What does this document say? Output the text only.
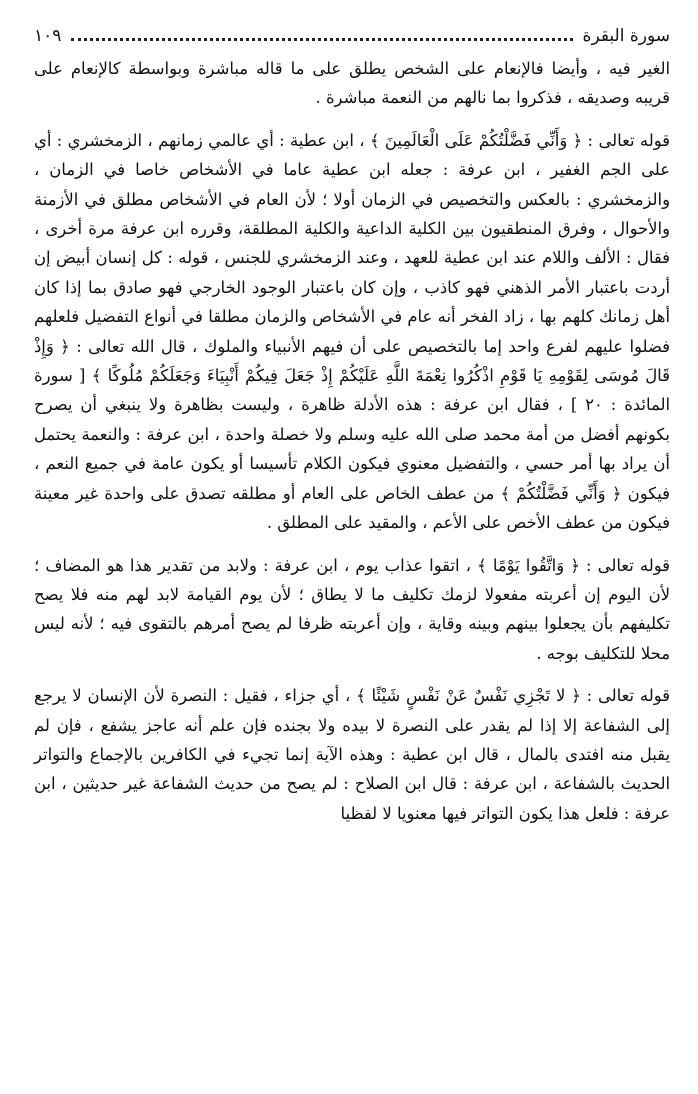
سورة البقرة
١٠٩

الغير فيه ، وأيضا فالإنعام على الشخص يطلق على ما قاله مباشرة وبواسطة كالإنعام على قريبه وصديقه ، فذكروا بما نالهم من النعمة مباشرة .

قوله تعالى : ﴿ وَأَنِّي فَضَّلْتُكُمْ عَلَى الْعَالَمِينَ ﴾ ، ابن عطية : أي عالمي زمانهم ، الزمخشري : أي على الجم الغفير ، ابن عرفة : جعله ابن عطية عاما في الأشخاص خاصا في الزمان ، والزمخشري : بالعكس والتخصيص في الزمان أولا ؛ لأن العام في الأشخاص مطلق في الأزمنة والأحوال ، وفرق المنطقيون بين الكلية الداعية والكلية المطلقة، وقرره ابن عرفة مرة أخرى ، فقال : الألف واللام عند ابن عطية للعهد ، وعند الزمخشري للجنس ، قوله : كل إنسان أبيض إن أردت باعتبار الأمر الذهني فهو كاذب ، وإن كان باعتبار الوجود الخارجي فهو صادق بما إذا كان أهل زمانك كلهم بها ، زاد الفخر أنه عام في الأشخاص والزمان مطلقا في أنواع التفضيل فلعلهم فضلوا عليهم لفرع واحد إما بالتخصيص على أن فيهم الأنبياء والملوك ، قال الله تعالى : ﴿ وَإِذْ قَالَ مُوسَى لِقَوْمِهِ يَا قَوْمِ اذْكُرُوا نِعْمَةَ اللَّهِ عَلَيْكُمْ إِذْ جَعَلَ فِيكُمْ أَنْبِيَاءَ وَجَعَلَكُمْ مُلُوكًا ﴾ [ سورة المائدة : ٢٠ ] ، فقال ابن عرفة : هذه الأدلة ظاهرة ، وليست بظاهرة ولا ينبغي أن يصرح بكونهم أفضل من أمة محمد صلى الله عليه وسلم ولا خصلة واحدة ، ابن عرفة : والنعمة يحتمل أن يراد بها أمر حسي ، والتفضيل معنوي فيكون الكلام تأسيسا أو يكون عامة في جميع النعم ، فيكون ﴿ وَأَنِّي فَضَّلْتُكُمْ ﴾ من عطف الخاص على العام أو مطلقه تصدق على واحدة غير معينة فيكون من عطف الأخص على الأعم ، والمقيد على المطلق .

قوله تعالى : ﴿ وَاتَّقُوا يَوْمًا ﴾ ، اتقوا عذاب يوم ، ابن عرفة : ولابد من تقدير هذا هو المضاف ؛ لأن اليوم إن أعربته مفعولا لزمك تكليف ما لا يطاق ؛ لأن يوم القيامة لابد لهم منه فلا يصح تكليفهم بأن يجعلوا بينهم وبينه وقاية ، وإن أعربته ظرفا لم يصح أمرهم بالتقوى فيه ؛ لأنه ليس محلا للتكليف بوجه .

قوله تعالى : ﴿ لا تَجْزِي نَفْسٌ عَنْ نَفْسٍ شَيْئًا ﴾ ، أي جزاء ، فقيل : النصرة لأن الإنسان لا يرجع إلى الشفاعة إلا إذا لم يقدر على النصرة لا بيده ولا بجنده فإن علم أنه عاجز يشفع ، فإن لم يقبل منه افتدى بالمال ، قال ابن عطية : وهذه الآية إنما تجيء في الكافرين بالإجماع والتواتر الحديث بالشفاعة ، ابن عرفة : قال ابن الصلاح : لم يصح من حديث الشفاعة غير حديثين ، ابن عرفة : فلعل هذا يكون التواتر فيها معنويا لا لفظيا
